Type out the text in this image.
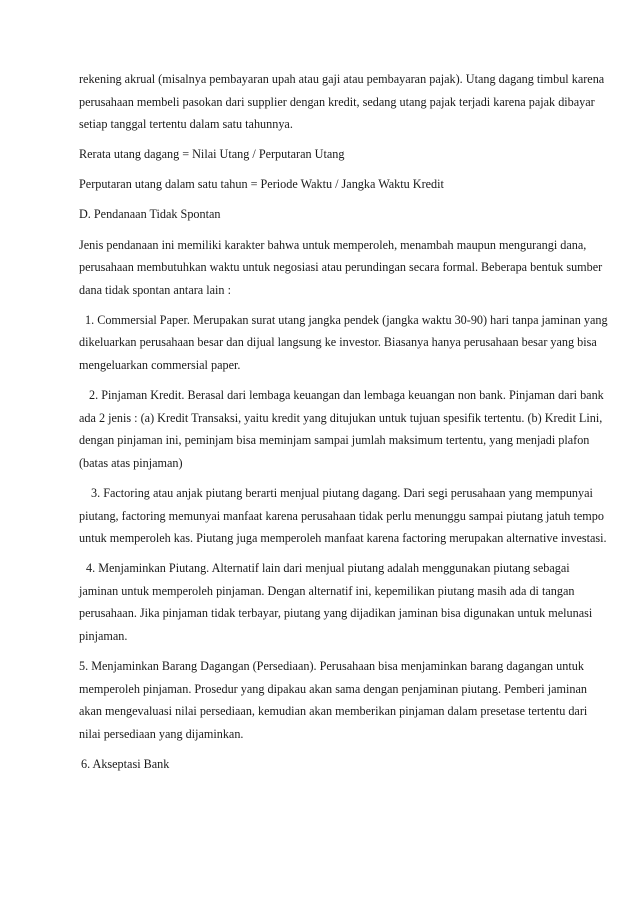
rekening akrual (misalnya pembayaran upah atau gaji atau pembayaran pajak). Utang dagang timbul karena
perusahaan membeli pasokan dari supplier dengan kredit, sedang utang pajak terjadi karena pajak dibayar
setiap tanggal tertentu dalam satu tahunnya.

Rerata utang dagang = Nilai Utang / Perputaran Utang

Perputaran utang dalam satu tahun = Periode Waktu / Jangka Waktu Kredit

D. Pendanaan Tidak Spontan

Jenis pendanaan ini memiliki karakter bahwa untuk memperoleh, menambah maupun mengurangi dana,
perusahaan membutuhkan waktu untuk negosiasi atau perundingan secara formal. Beberapa bentuk sumber
dana tidak spontan antara lain :

1. Commersial Paper. Merupakan surat utang jangka pendek (jangka waktu 30-90) hari tanpa jaminan yang
dikeluarkan perusahaan besar dan dijual langsung ke investor. Biasanya hanya perusahaan besar yang bisa
mengeluarkan commersial paper.

2. Pinjaman Kredit. Berasal dari lembaga keuangan dan lembaga keuangan non bank. Pinjaman dari bank
ada 2 jenis : (a) Kredit Transaksi, yaitu kredit yang ditujukan untuk tujuan spesifik tertentu. (b) Kredit Lini,
dengan pinjaman ini, peminjam bisa meminjam sampai jumlah maksimum tertentu, yang menjadi plafon
(batas atas pinjaman)

3. Factoring atau anjak piutang berarti menjual piutang dagang. Dari segi perusahaan yang mempunyai
piutang, factoring memunyai manfaat karena perusahaan tidak perlu menunggu sampai piutang jatuh tempo
untuk memperoleh kas. Piutang juga memperoleh manfaat karena factoring merupakan alternative investasi.

4. Menjaminkan Piutang. Alternatif lain dari menjual piutang adalah menggunakan piutang sebagai
jaminan untuk memperoleh pinjaman. Dengan alternatif ini, kepemilikan piutang masih ada di tangan
perusahaan. Jika pinjaman tidak terbayar, piutang yang dijadikan jaminan bisa digunakan untuk melunasi
pinjaman.

5. Menjaminkan Barang Dagangan (Persediaan). Perusahaan bisa menjaminkan barang dagangan untuk
memperoleh pinjaman. Prosedur yang dipakau akan sama dengan penjaminan piutang. Pemberi jaminan
akan mengevaluasi nilai persediaan, kemudian akan memberikan pinjaman dalam presetase tertentu dari
nilai persediaan yang dijaminkan.

6. Akseptasi Bank
